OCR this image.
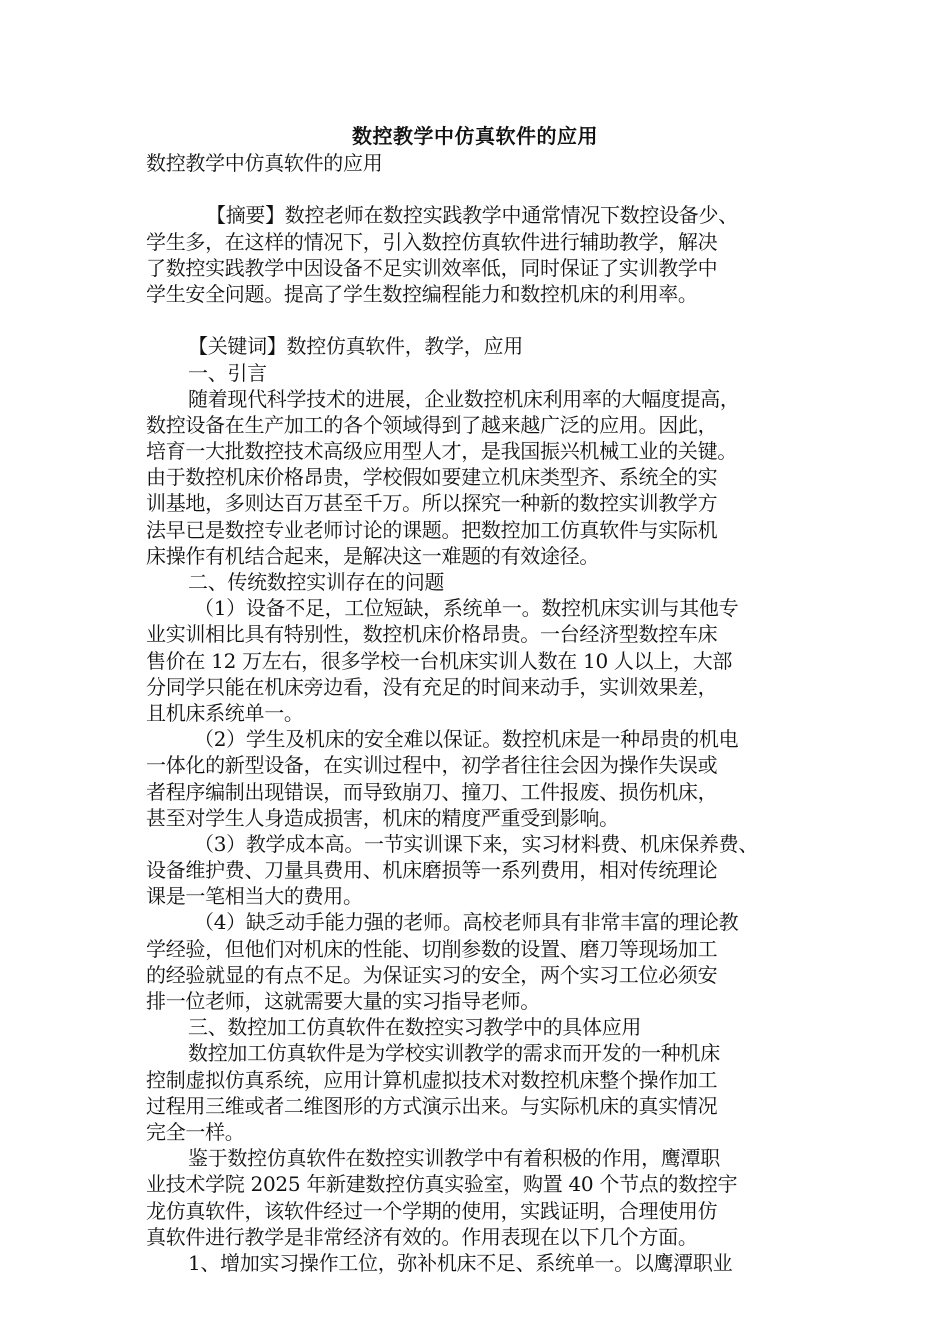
数控教学中仿真软件的应用
数控教学中仿真软件的应用
【摘要】数控老师在数控实践教学中通常情况下数控设备少、
学生多，在这样的情况下，引入数控仿真软件进行辅助教学，解决
了数控实践教学中因设备不足实训效率低，同时保证了实训教学中
学生安全问题。提高了学生数控编程能力和数控机床的利用率。
【关键词】数控仿真软件，教学，应用
一、引言
随着现代科学技术的进展，企业数控机床利用率的大幅度提高，
数控设备在生产加工的各个领域得到了越来越广泛的应用。因此，
培育一大批数控技术高级应用型人才，是我国振兴机械工业的关键。
由于数控机床价格昂贵，学校假如要建立机床类型齐、系统全的实
训基地，多则达百万甚至千万。所以探究一种新的数控实训教学方
法早已是数控专业老师讨论的课题。把数控加工仿真软件与实际机
床操作有机结合起来，是解决这一难题的有效途径。
二、传统数控实训存在的问题
（1）设备不足，工位短缺，系统单一。数控机床实训与其他专
业实训相比具有特别性，数控机床价格昂贵。一台经济型数控车床
售价在 12 万左右，很多学校一台机床实训人数在 10 人以上，大部
分同学只能在机床旁边看，没有充足的时间来动手，实训效果差，
且机床系统单一。
（2）学生及机床的安全难以保证。数控机床是一种昂贵的机电
一体化的新型设备，在实训过程中，初学者往往会因为操作失误或
者程序编制出现错误，而导致崩刀、撞刀、工件报废、损伤机床，
甚至对学生人身造成损害，机床的精度严重受到影响。
（3）教学成本高。一节实训课下来，实习材料费、机床保养费、
设备维护费、刀量具费用、机床磨损等一系列费用，相对传统理论
课是一笔相当大的费用。
（4）缺乏动手能力强的老师。高校老师具有非常丰富的理论教
学经验，但他们对机床的性能、切削参数的设置、磨刀等现场加工
的经验就显的有点不足。为保证实习的安全，两个实习工位必须安
排一位老师，这就需要大量的实习指导老师。
三、数控加工仿真软件在数控实习教学中的具体应用
数控加工仿真软件是为学校实训教学的需求而开发的一种机床
控制虚拟仿真系统，应用计算机虚拟技术对数控机床整个操作加工
过程用三维或者二维图形的方式演示出来。与实际机床的真实情况
完全一样。
鉴于数控仿真软件在数控实训教学中有着积极的作用，鹰潭职
业技术学院 2025 年新建数控仿真实验室，购置 40 个节点的数控宇
龙仿真软件，该软件经过一个学期的使用，实践证明，合理使用仿
真软件进行教学是非常经济有效的。作用表现在以下几个方面。
1、增加实习操作工位，弥补机床不足、系统单一。以鹰潭职业
